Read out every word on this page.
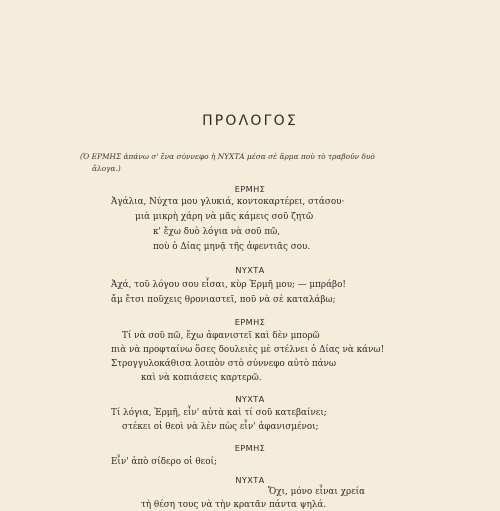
ΠΡΟΛΟΓΟΣ
(Ὁ ΕΡΜΗΣ ἀπάνω σ' ἕνα σύννεφο ἡ ΝΥΧΤΑ μέσα σὲ ἅρμα ποὺ τὸ τραβοῦν δυὸ
ἄλογα.)
ΕΡΜΗΣ
Ἀγάλια, Νύχτα μου γλυκιά, κοντοκαρτέρει, στάσου·
μιὰ μικρὴ χάρη νὰ μᾶς κάμεις σοῦ ζητῶ
κ' ἔχω δυὸ λόγια νὰ σοῦ πῶ,
ποὺ ὁ Δίας μηνᾷ τῆς ἀφεντιᾶς σου.
ΝΥΧΤΑ
Ἀχά, τοῦ λόγου σου εἶσαι, κὺρ Ἑρμῆ μου; — μπράβο!
ἄμ ἔτσι ποῦχεις θρονιαστεῖ, ποῦ νὰ σὲ καταλάβω;
ΕΡΜΗΣ
Τί νὰ σοῦ πῶ, ἔχω ἀφανιστεῖ καὶ δὲν μπορῶ
πιὰ νὰ προφταίνω ὅσες δουλειὲς μὲ στέλνει ὁ Δίας νὰ κάνω!
Στρογγυλοκάθισα λοιπὸν στὸ σύννεφο αὐτὸ πάνω
καὶ νὰ κοπιάσεις καρτερῶ.
ΝΥΧΤΑ
Τί λόγια, Ἑρμῆ, εἶν' αὐτὰ καὶ τί σοῦ κατεβαίνει;
στέκει οἱ θεοὶ νὰ λὲν πὼς εἶν' ἀφανισμένοι;
ΕΡΜΗΣ
Εἶν' ἀπὸ σίδερο οἱ θεοί;
ΝΥΧΤΑ
Ὄχι, μόνο εἶναι χρεία
τὴ θέση τους νὰ τὴν κρατᾶν πάντα ψηλά.
